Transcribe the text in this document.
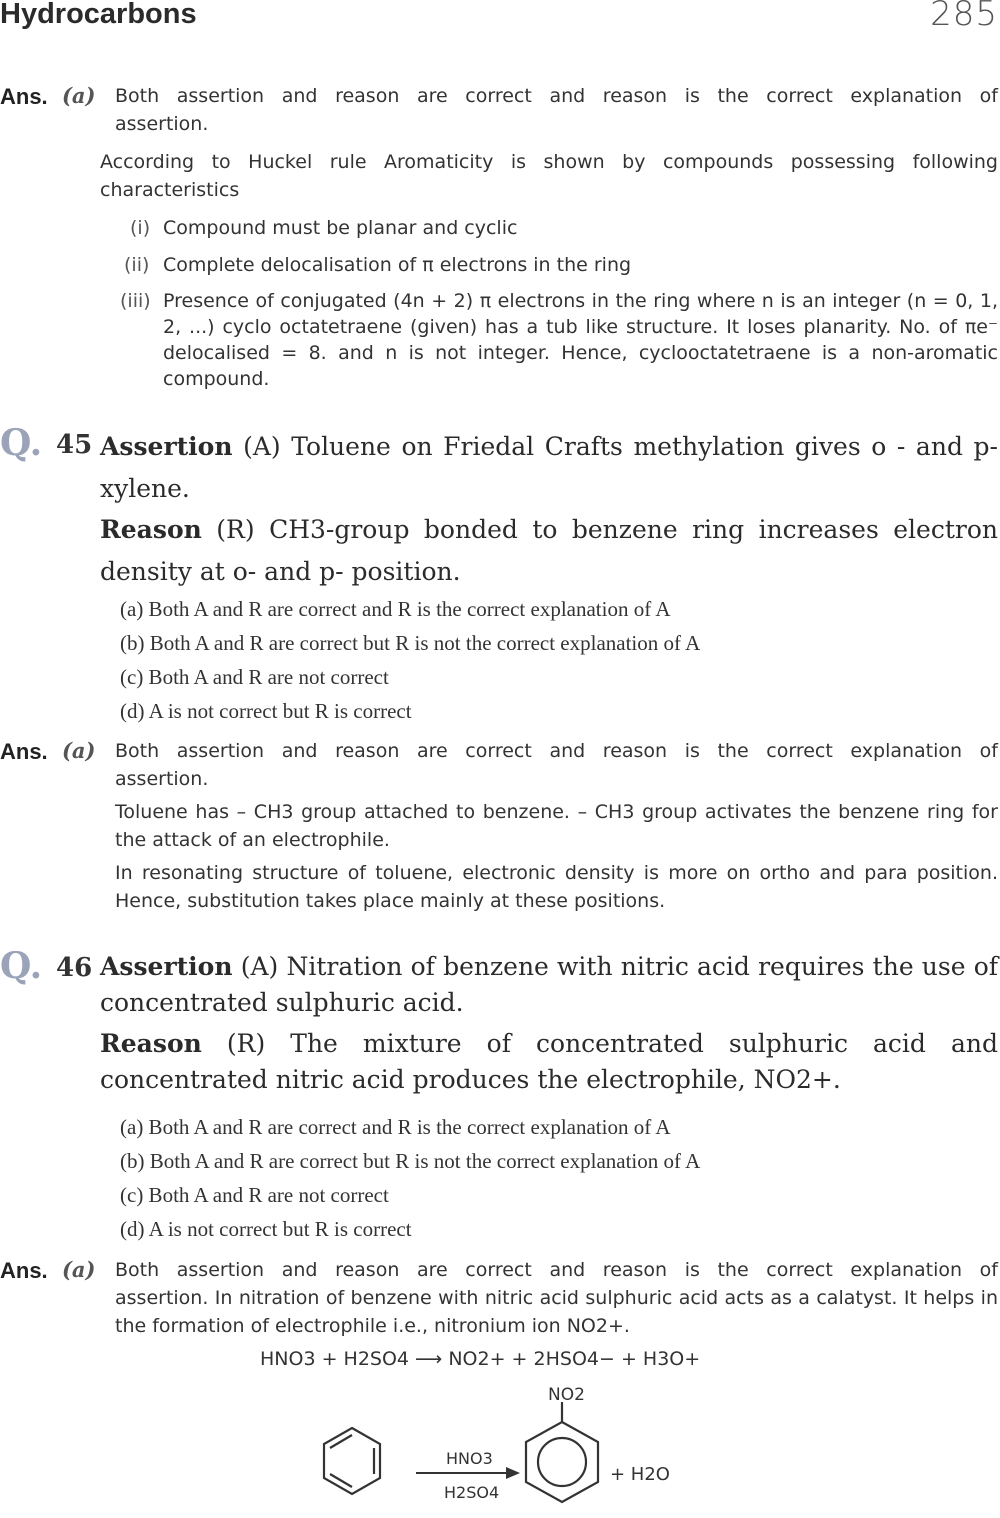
Hydrocarbons	285
Ans. (a) Both assertion and reason are correct and reason is the correct explanation of
assertion.
According to Huckel rule Aromaticity is shown by compounds possessing following
characteristics
(i) Compound must be planar and cyclic
(ii) Complete delocalisation of π electrons in the ring
(iii) Presence of conjugated (4n + 2) π electrons in the ring where n is an integer (n = 0, 1, 2, ...) cyclo octatetraene (given) has a tub like structure. It loses planarity. No. of πe⁻ delocalised = 8. and n is not integer. Hence, cyclooctatetraene is a non-aromatic compound.
Q. 45 Assertion (A) Toluene on Friedal Crafts methylation gives o - and p-xylene.
Reason (R) CH3-group bonded to benzene ring increases electron density at o- and p- position.
(a) Both A and R are correct and R is the correct explanation of A
(b) Both A and R are correct but R is not the correct explanation of A
(c) Both A and R are not correct
(d) A is not correct but R is correct
Ans. (a) Both assertion and reason are correct and reason is the correct explanation of
assertion.
Toluene has – CH3 group attached to benzene. – CH3 group activates the benzene ring for the attack of an electrophile.
In resonating structure of toluene, electronic density is more on ortho and para position. Hence, substitution takes place mainly at these positions.
Q. 46 Assertion (A) Nitration of benzene with nitric acid requires the use of concentrated sulphuric acid.
Reason (R) The mixture of concentrated sulphuric acid and concentrated nitric acid produces the electrophile, NO2+.
(a) Both A and R are correct and R is the correct explanation of A
(b) Both A and R are correct but R is not the correct explanation of A
(c) Both A and R are not correct
(d) A is not correct but R is correct
Ans. (a) Both assertion and reason are correct and reason is the correct explanation of
assertion. In nitration of benzene with nitric acid sulphuric acid acts as a calatyst. It helps in the formation of electrophile i.e., nitronium ion NO2+.
HNO3 + H2SO4 ⟶ NO2+ + 2HSO4− + H3O+
HNO3
H2SO4
NO2
+ H2O
